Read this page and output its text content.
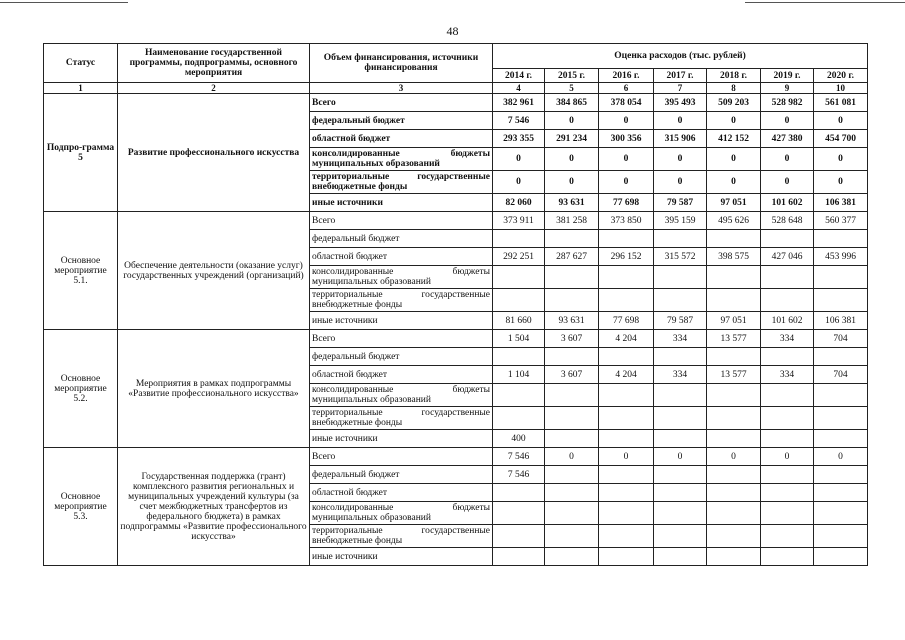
48
Статус	Наименование государственной программы, подпрограммы, основного мероприятия	Объем финансирования, источники финансирования	Оценка расходов (тыс. рублей)						
			2014 г.	2015 г.	2016 г.	2017 г.	2018 г.	2019 г.	2020 г.
1	2	3	4	5	6	7	8	9	10
Подпро-грамма 5	Развитие профессионального искусства	Всего	382 961	384 865	378 054	395 493	509 203	528 982	561 081
		федеральный бюджет	7 546	0	0	0	0	0	0
		областной бюджет	293 355	291 234	300 356	315 906	412 152	427 380	454 700
		консолидированные бюджеты муниципальных образований	0	0	0	0	0	0	0
		территориальные государственные внебюджетные фонды	0	0	0	0	0	0	0
		иные источники	82 060	93 631	77 698	79 587	97 051	101 602	106 381
Основное мероприятие 5.1.	Обеспечение деятельности (оказание услуг) государственных учреждений (организаций)	Всего	373 911	381 258	373 850	395 159	495 626	528 648	560 377
		федеральный бюджет							
		областной бюджет	292 251	287 627	296 152	315 572	398 575	427 046	453 996
		консолидированные бюджеты муниципальных образований							
		территориальные государственные внебюджетные фонды							
		иные источники	81 660	93 631	77 698	79 587	97 051	101 602	106 381
Основное мероприятие 5.2.	Мероприятия в рамках подпрограммы «Развитие профессионального искусства»	Всего	1 504	3 607	4 204	334	13 577	334	704
		федеральный бюджет							
		областной бюджет	1 104	3 607	4 204	334	13 577	334	704
		консолидированные бюджеты муниципальных образований							
		территориальные государственные внебюджетные фонды							
		иные источники	400						
Основное мероприятие 5.3.	Государственная поддержка (грант) комплексного развития региональных и муниципальных учреждений культуры (за счет межбюджетных трансфертов из федерального бюджета) в рамках подпрограммы «Развитие профессионального искусства»	Всего	7 546	0	0	0	0	0	0
		федеральный бюджет	7 546						
		областной бюджет							
		консолидированные бюджеты муниципальных образований							
		территориальные государственные внебюджетные фонды							
		иные источники							
